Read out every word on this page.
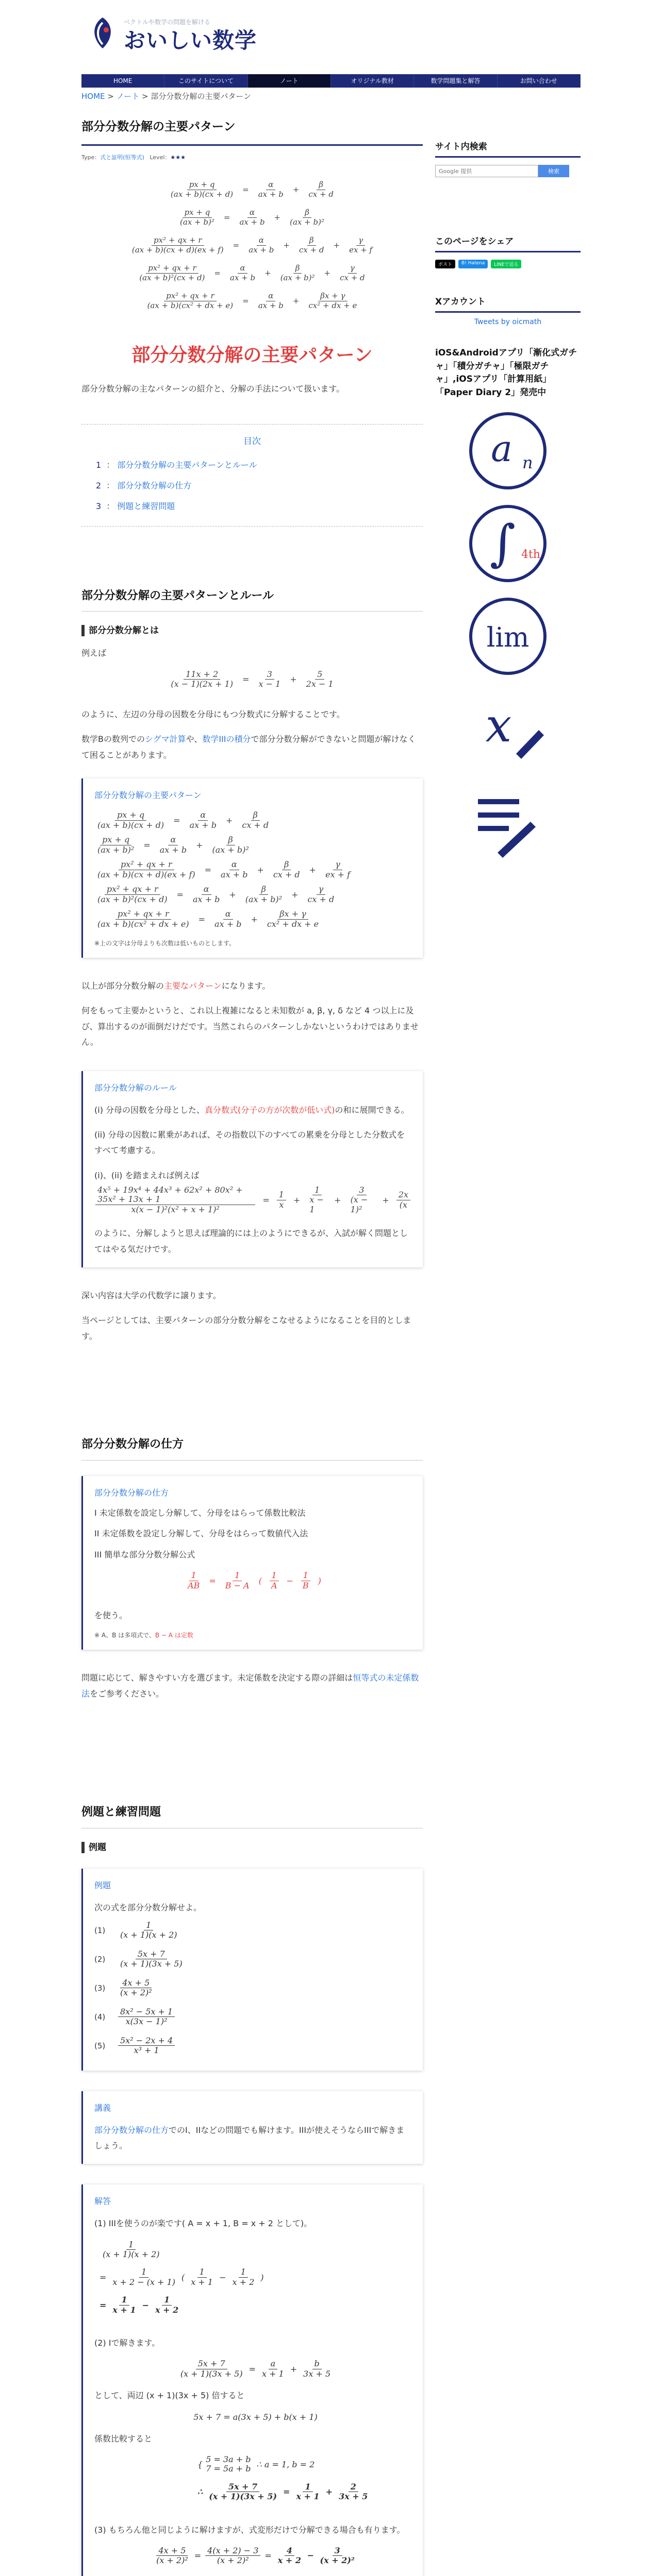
ベクトルや数学の問題を解ける
おいしい数学
HOME	このサイトについて	ノート	オリジナル教材	数学問題集と解答	お問い合わせ
HOME > ノート > 部分分数分解の主要パターン
部分分数分解の主要パターン
Type：式と証明(恒等式) Level：★★★
$\frac{px + q}{(ax + b)(cx + d)} = \frac{\alpha}{ax + b} + \frac{\beta}{cx + d}$
$\frac{px + q}{\text{(ax + b)²}} = \frac{\alpha}{ax + b} + \frac{\beta}{\text{(ax + b)²}}$
$\frac{\text{px² + qx + r}}{(ax + b)(cx + d)(ex + f)} = \frac{\alpha}{ax + b} + \frac{\beta}{cx + d} + \frac{\gamma}{ex + f}$
$\frac{\text{px² + qx + r}}{\text{(ax + b)²(cx + d)}} = \frac{\alpha}{ax + b} + \frac{\beta}{\text{(ax + b)²}} + \frac{\gamma}{cx + d}$
$\frac{\text{px² + qx + r}}{\text{(ax + b)(cx² + dx + e)}} = \frac{\alpha}{ax + b} + \frac{\beta x + \gamma}{\text{cx² + dx + e}}$
部分分数分解の主要パターン

部分分数分解の主なパターンの紹介と、分解の手法について扱います。

目次
1 ： 部分分数分解の主要パターンとルール
2 ： 部分分数分解の仕方
3 ： 例題と練習問題
部分分数分解の主要パターンとルール
部分分数分解とは

例えば

$\frac{11x + 2}{(x - 1)(2x + 1)} = \frac{3}{x - 1} + \frac{5}{2x - 1}$

のように、左辺の分母の因数を分母にもつ分数式に分解することです。

数学Bの数列でのシグマ計算や、数学IIIの積分で部分分数分解ができないと問題が解けなくて困ることがあります。

部分分数分解の主要パターン
$\frac{px + q}{(ax + b)(cx + d)} = \frac{\alpha}{ax + b} + \frac{\beta}{cx + d}$
$\frac{px + q}{\text{(ax + b)²}} = \frac{\alpha}{ax + b} + \frac{\beta}{\text{(ax + b)²}}$
$\frac{\text{px² + qx + r}}{(ax + b)(cx + d)(ex + f)} = \frac{\alpha}{ax + b} + \frac{\beta}{cx + d} + \frac{\gamma}{ex + f}$
$\frac{\text{px² + qx + r}}{\text{(ax + b)²(cx + d)}} = \frac{\alpha}{ax + b} + \frac{\beta}{\text{(ax + b)²}} + \frac{\gamma}{cx + d}$
$\frac{\text{px² + qx + r}}{\text{(ax + b)(cx² + dx + e)}} = \frac{\alpha}{ax + b} + \frac{\beta x + \gamma}{\text{cx² + dx + e}}$
※上の文字は分母よりも次数は低いものとします。

以上が部分分数分解の主要なパターンになります。

何をもって主要かというと、これ以上複雑になると未知数が a, β, γ, δ など 4 つ以上に及び、算出するのが面倒だけだです。当然これらのパターンしかないというわけではありません。

部分分数分解のルール

(i) 分母の因数を分母とした、真分数式(分子の方が次数が低い式)の和に展開できる。

(ii) 分母の因数に累乗があれば、その指数以下のすべての累乗を分母とした分数式をすべて考慮する。

(i)、(ii) を踏まえれば例えば

$\frac{\text{4x⁵ + 19x⁴ + 44x³ + 62x² + 80x² + 35x² + 13x + 1}}{\text{x(x − 1)²(x² + x + 1)²}} = \frac{1}{x} + \frac{1}{x - 1} + \frac{3}{\text{(x − 1)²}} + \frac{2x}{(x}$

のように、分解しようと思えば理論的には上のようにできるが、入試が解く問題としてはやる気だけです。

深い内容は大学の代数学に譲ります。

当ページとしては、主要パターンの部分分数分解をこなせるようになることを目的とします。

部分分数分解の仕方
部分分数分解の仕方

I 未定係数を設定し分解して、分母をはらって係数比較法

II 未定係数を設定し分解して、分母をはらって数値代入法

III 簡単な部分分数分解公式

$\frac{1}{AB} = \frac{1}{B - A}$ ( $\frac{1}{A} - \frac{1}{B}$ )

を使う。

※ A、B は多項式で、B − A は定数

問題に応じて、解きやすい方を選びます。未定係数を決定する際の詳細は恒等式の未定係数法をご参考ください。

例題と練習問題
例題
例題

次の式を部分分数分解せよ。

$(1) \frac{1}{(x + 1)(x + 2)}$
$(2) \frac{5x + 7}{(x + 1)(3x + 5)}$
$(3) \frac{4x + 5}{\text{(x + 2)²}}$
$(4) \frac{\text{8x² − 5x + 1}}{\text{x(3x − 1)²}}$
$(5) \frac{\text{5x² − 2x + 4}}{\text{x³ + 1}}$
講義

部分分数分解の仕方でのI、IIなどの問題でも解けます。IIIが使えそうならIIIで解きましょう。

解答

(1) IIIを使うのが楽です( A = x + 1, B = x + 2 として)。

$\frac{1}{(x + 1)(x + 2)}$
= $\frac{1}{x + 2 - (x + 1)}$ ( $\frac{1}{x + 1} - \frac{1}{x + 2}$ )
= $\frac{1}{x + 1} - \frac{1}{x + 2}$

(2) Iで解きます。

$\frac{5x + 7}{(x + 1)(3x + 5)} = \frac{a}{x + 1} + \frac{b}{3x + 5}$

として、両辺 (x + 1)(3x + 5) 倍すると

5x + 7 = a(3x + 5) + b(x + 1)

係数比較すると

{
5 = 3a + b
7 = 5a + b ∴ a = 1, b = 2
∴ $\frac{5x + 7}{(x + 1)(3x + 5)} = \frac{1}{x + 1} + \frac{2}{3x + 5}$

(3) もちろん他と同じように解けますが、式変形だけで分解できる場合も有ります。

$\frac{4x + 5}{\text{(x + 2)²}} = \frac{4(x + 2) - 3}{\text{(x + 2)²}} = \frac{4}{x + 2} - \frac{3}{\text{(x + 2)²}}$

サイト内検索
Google 提供
検索
このページをシェア
ポスト	B! Hatena	LINEで送る
Xアカウント
Tweets by oicmath
iOS&Androidアプリ「漸化式ガチャ」「積分ガチャ」「極限ガチャ」,iOSアプリ「計算用紙」「Paper Diary 2」発売中
a n
∫ 4th
lim
x
